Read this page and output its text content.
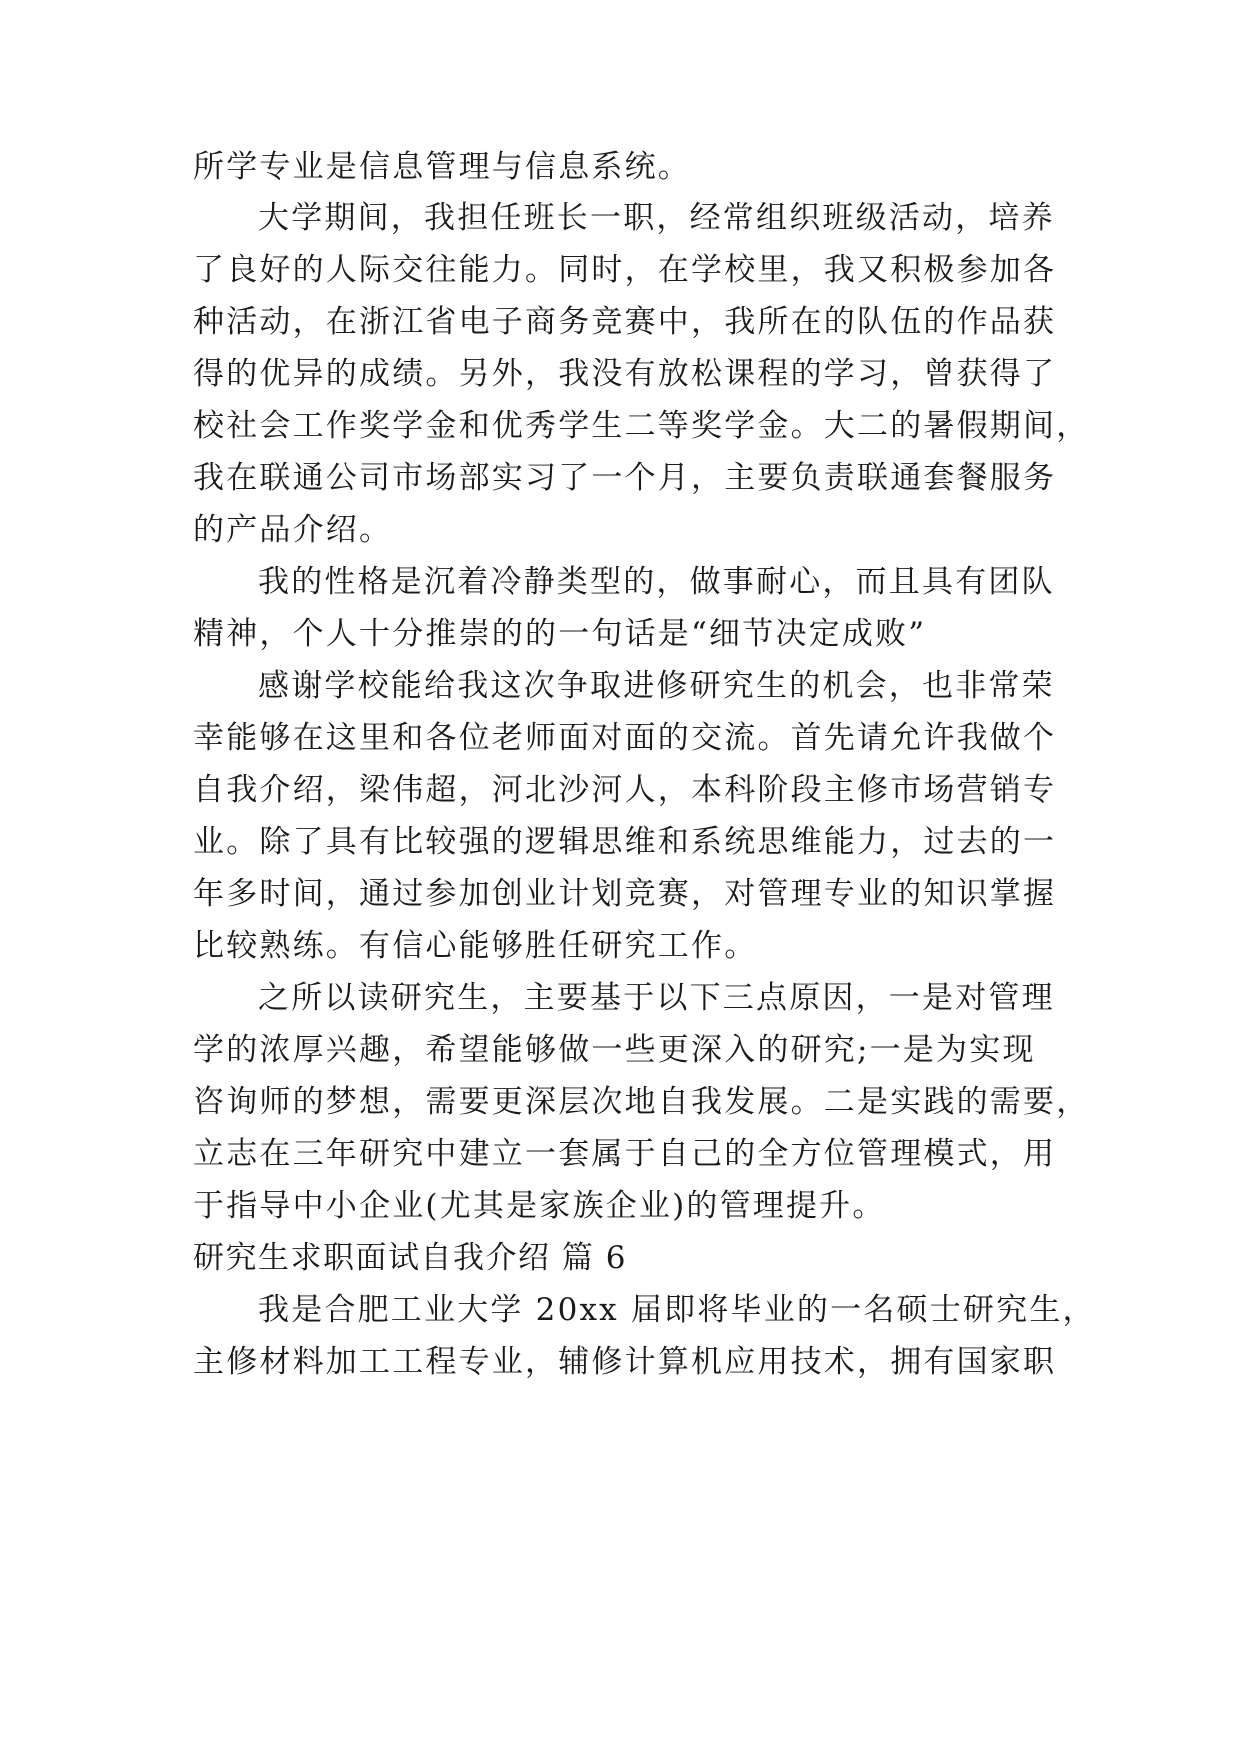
所学专业是信息管理与信息系统。
大学期间，我担任班长一职，经常组织班级活动，培养
了良好的人际交往能力。同时，在学校里，我又积极参加各
种活动，在浙江省电子商务竞赛中，我所在的队伍的作品获
得的优异的成绩。另外，我没有放松课程的学习，曾获得了
校社会工作奖学金和优秀学生二等奖学金。大二的暑假期间，
我在联通公司市场部实习了一个月，主要负责联通套餐服务
的产品介绍。
我的性格是沉着冷静类型的，做事耐心，而且具有团队
精神，个人十分推崇的的一句话是“细节决定成败”
感谢学校能给我这次争取进修研究生的机会，也非常荣
幸能够在这里和各位老师面对面的交流。首先请允许我做个
自我介绍，梁伟超，河北沙河人，本科阶段主修市场营销专
业。除了具有比较强的逻辑思维和系统思维能力，过去的一
年多时间，通过参加创业计划竞赛，对管理专业的知识掌握
比较熟练。有信心能够胜任研究工作。
之所以读研究生，主要基于以下三点原因，一是对管理
学的浓厚兴趣，希望能够做一些更深入的研究;一是为实现
咨询师的梦想，需要更深层次地自我发展。二是实践的需要，
立志在三年研究中建立一套属于自己的全方位管理模式，用
于指导中小企业(尤其是家族企业)的管理提升。
研究生求职面试自我介绍 篇 6
我是合肥工业大学 20xx 届即将毕业的一名硕士研究生，
主修材料加工工程专业，辅修计算机应用技术，拥有国家职
